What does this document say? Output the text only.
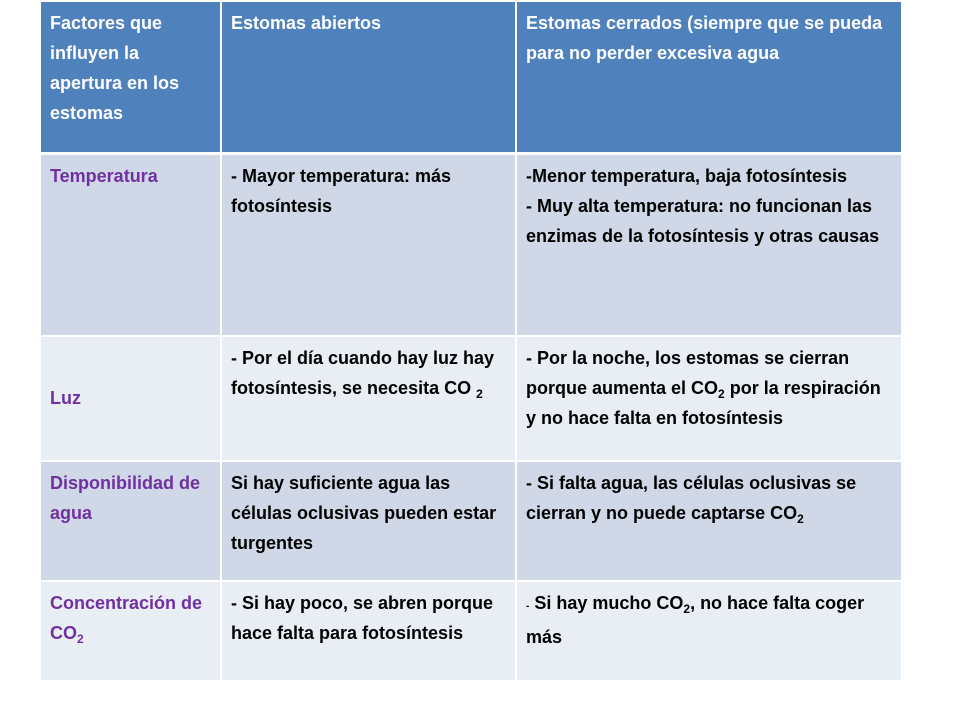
Factores que influyen la apertura en los estomas	Estomas abiertos	Estomas cerrados (siempre que se pueda para no perder excesiva agua
Temperatura	- Mayor temperatura: más fotosíntesis	-Menor temperatura, baja fotosíntesis
- Muy alta temperatura: no funcionan las enzimas de la fotosíntesis y otras causas
Luz	- Por el día cuando hay luz hay fotosíntesis, se necesita CO $_2$	- Por la noche, los estomas se cierran porque aumenta el $CO_2$ por la respiración y no hace falta en fotosíntesis
Disponibilidad de agua	Si hay suficiente agua las células oclusivas pueden estar turgentes	- Si falta agua, las células oclusivas se cierran y no puede captarse $CO_2$
Concentración de $CO_2$	- Si hay poco, se abren porque hace falta para fotosíntesis	- Si hay mucho $CO_2$, no hace falta coger más
